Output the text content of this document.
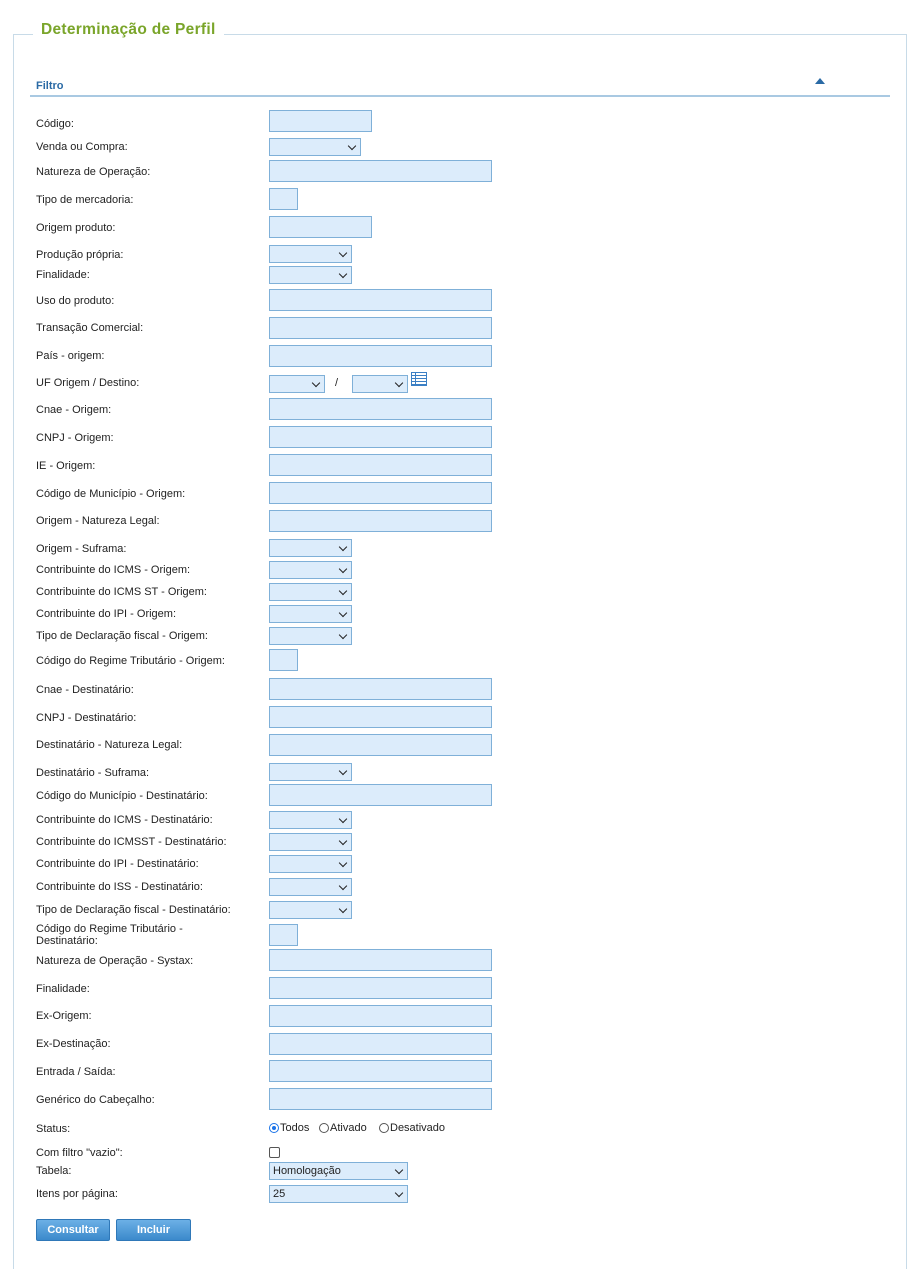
Determinação de Perfil
Filtro
Código:
Venda ou Compra:
Natureza de Operação:
Tipo de mercadoria:
Origem produto:
Produção própria:
Finalidade:
Uso do produto:
Transação Comercial:
País - origem:
UF Origem / Destino:	/
Cnae - Origem:
CNPJ - Origem:
IE - Origem:
Código de Município - Origem:
Origem - Natureza Legal:
Origem - Suframa:
Contribuinte do ICMS - Origem:
Contribuinte do ICMS ST - Origem:
Contribuinte do IPI - Origem:
Tipo de Declaração fiscal - Origem:
Código do Regime Tributário - Origem:
Cnae - Destinatário:
CNPJ - Destinatário:
Destinatário - Natureza Legal:
Destinatário - Suframa:
Código do Município - Destinatário:
Contribuinte do ICMS - Destinatário:
Contribuinte do ICMSST - Destinatário:
Contribuinte do IPI - Destinatário:
Contribuinte do ISS - Destinatário:
Tipo de Declaração fiscal - Destinatário:
Código do Regime Tributário -
Destinatário:
Natureza de Operação - Systax:
Finalidade:
Ex-Origem:
Ex-Destinação:
Entrada / Saída:
Genérico do Cabeçalho:
Status:	Todos Ativado Desativado
Com filtro "vazio":
Tabela:	Homologação
Itens por página:	25
Consultar	Incluir
